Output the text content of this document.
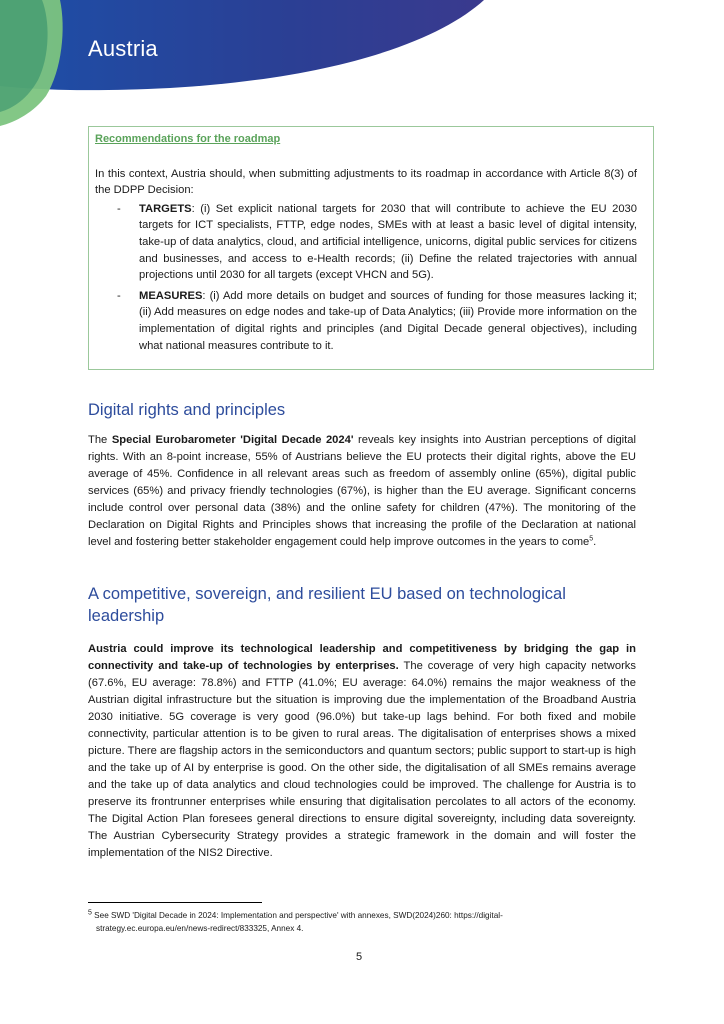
Austria
Recommendations for the roadmap
In this context, Austria should, when submitting adjustments to its roadmap in accordance with Article 8(3) of the DDPP Decision:
- TARGETS: (i) Set explicit national targets for 2030 that will contribute to achieve the EU 2030 targets for ICT specialists, FTTP, edge nodes, SMEs with at least a basic level of digital intensity, take-up of data analytics, cloud, and artificial intelligence, unicorns, digital public services for citizens and businesses, and access to e-Health records; (ii) Define the related trajectories with annual projections until 2030 for all targets (except VHCN and 5G).
- MEASURES: (i) Add more details on budget and sources of funding for those measures lacking it; (ii) Add measures on edge nodes and take-up of Data Analytics; (iii) Provide more information on the implementation of digital rights and principles (and Digital Decade general objectives), including what national measures contribute to it.
Digital rights and principles

The Special Eurobarometer 'Digital Decade 2024' reveals key insights into Austrian perceptions of digital rights. With an 8-point increase, 55% of Austrians believe the EU protects their digital rights, above the EU average of 45%. Confidence in all relevant areas such as freedom of assembly online (65%), digital public services (65%) and privacy friendly technologies (67%), is higher than the EU average. Significant concerns include control over personal data (38%) and the online safety for children (47%). The monitoring of the Declaration on Digital Rights and Principles shows that increasing the profile of the Declaration at national level and fostering better stakeholder engagement could help improve outcomes in the years to come$^5$.

A competitive, sovereign, and resilient EU based on technological leadership

Austria could improve its technological leadership and competitiveness by bridging the gap in connectivity and take-up of technologies by enterprises. The coverage of very high capacity networks (67.6%, EU average: 78.8%) and FTTP (41.0%; EU average: 64.0%) remains the major weakness of the Austrian digital infrastructure but the situation is improving due the implementation of the Broadband Austria 2030 initiative. 5G coverage is very good (96.0%) but take-up lags behind. For both fixed and mobile connectivity, particular attention is to be given to rural areas. The digitalisation of enterprises shows a mixed picture. There are flagship actors in the semiconductors and quantum sectors; public support to start-up is high and the take up of AI by enterprise is good. On the other side, the digitalisation of all SMEs remains average and the take up of data analytics and cloud technologies could be improved. The challenge for Austria is to preserve its frontrunner enterprises while ensuring that digitalisation percolates to all actors of the economy. The Digital Action Plan foresees general directions to ensure digital sovereignty, including data sovereignty. The Austrian Cybersecurity Strategy provides a strategic framework in the domain and will foster the implementation of the NIS2 Directive.

$^5$ See SWD 'Digital Decade in 2024: Implementation and perspective' with annexes, SWD(2024)260: https://digital-
strategy.ec.europa.eu/en/news-redirect/833325, Annex 4.
5
